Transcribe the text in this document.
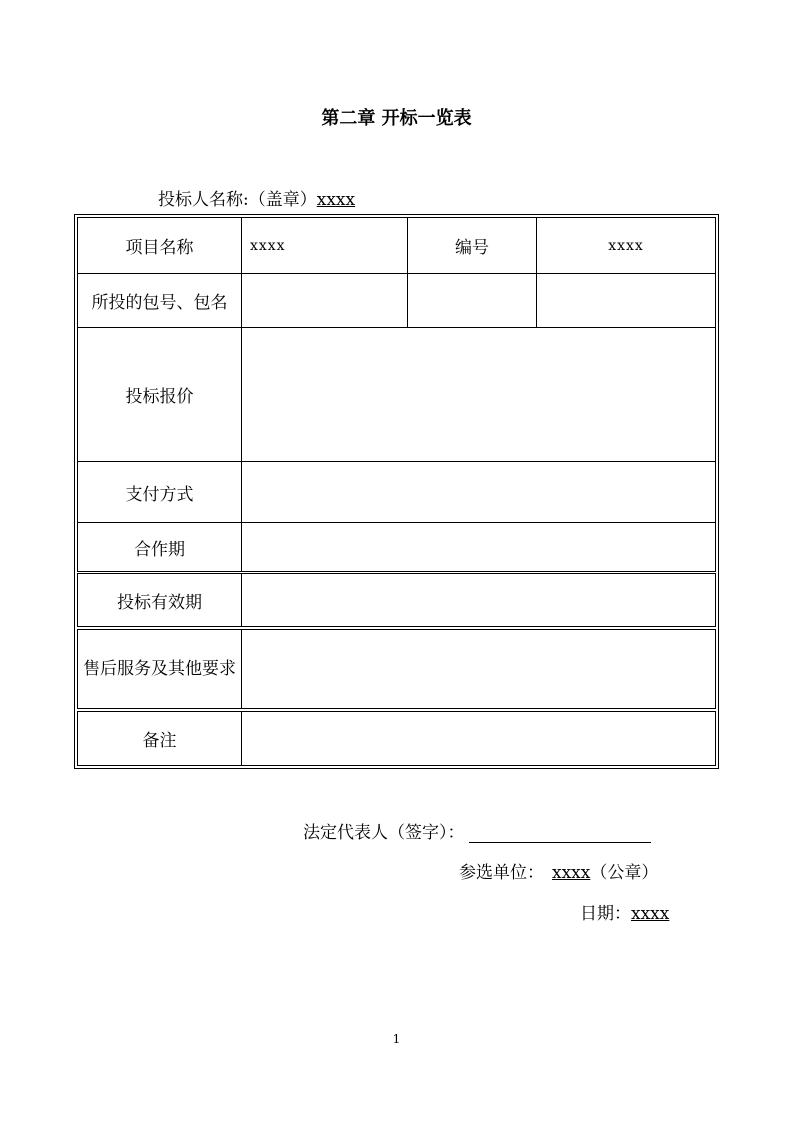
第二章 开标一览表
投标人名称:（盖章）xxxx
项目名称	xxxx	编号	xxxx
所投的包号、包名
投标报价
支付方式
合作期
投标有效期
售后服务及其他要求
备注
法定代表人（签字）：
参选单位： xxxx（公章）
日期：xxxx
1
